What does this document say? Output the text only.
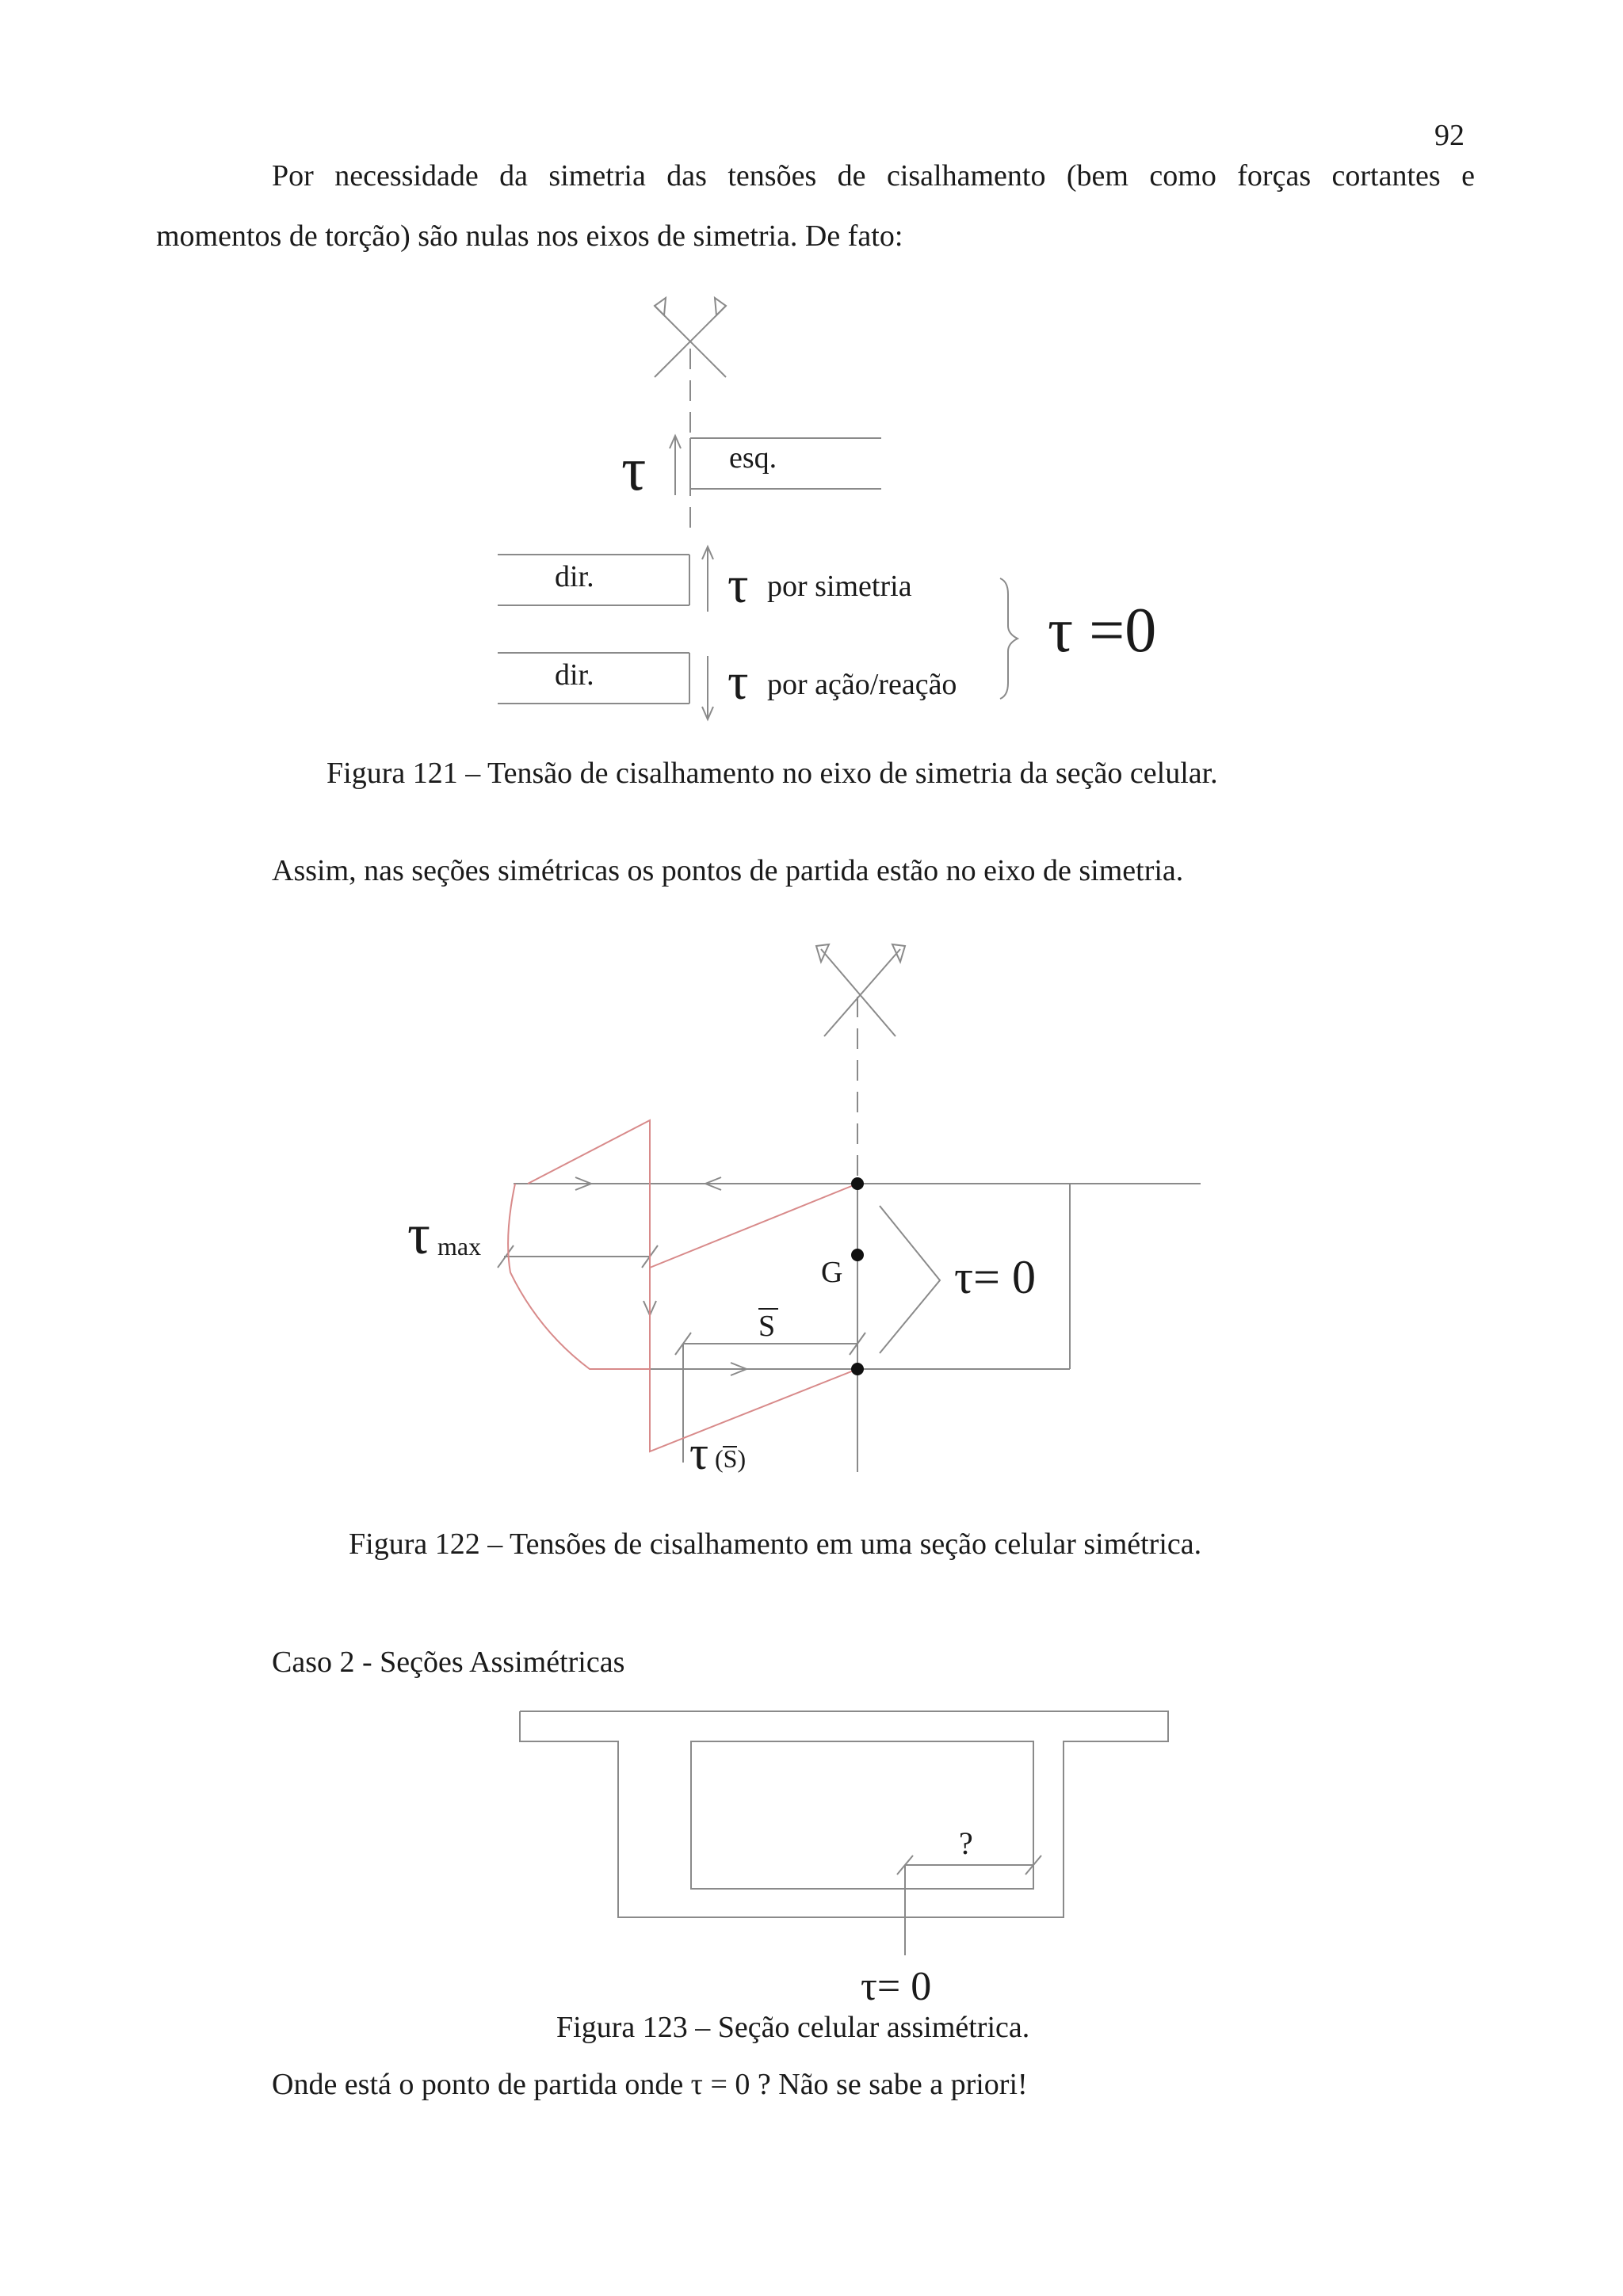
92
Por necessidade da simetria das tensões de cisalhamento (bem como forças cortantes e
momentos de torção) são nulas nos eixos de simetria. De fato:
τ	esq.
dir.	τ por simetria
dir.	τ por ação/reação
τ =0
Figura 121 – Tensão de cisalhamento no eixo de simetria da seção celular.
Assim, nas seções simétricas os pontos de partida estão no eixo de simetria.
τ max
G
S
τ= 0
τ (S)
Figura 122 – Tensões de cisalhamento em uma seção celular simétrica.
Caso 2 - Seções Assimétricas
?
τ= 0
Figura 123 – Seção celular assimétrica.
Onde está o ponto de partida onde τ = 0 ? Não se sabe a priori!
